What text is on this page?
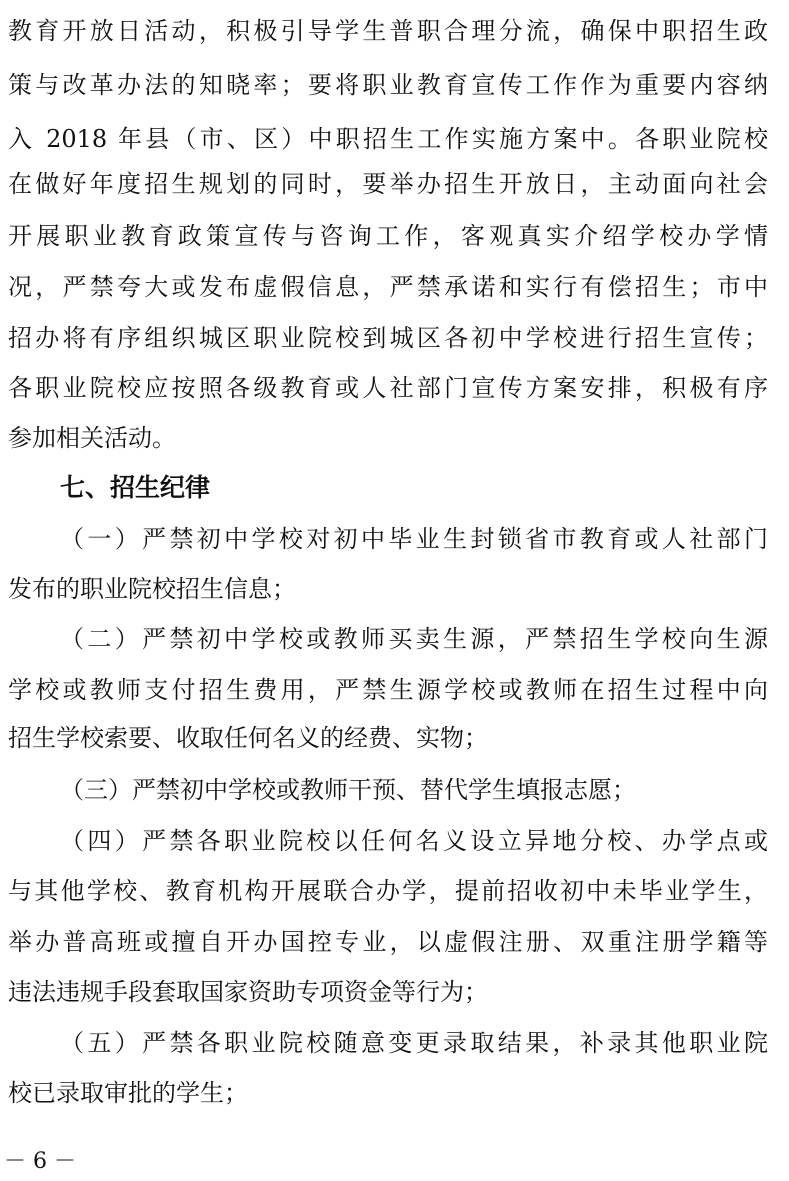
教育开放日活动，积极引导学生普职合理分流，确保中职招生政
策与改革办法的知晓率；要将职业教育宣传工作作为重要内容纳
入 2018 年县（市、区）中职招生工作实施方案中。各职业院校
在做好年度招生规划的同时，要举办招生开放日，主动面向社会
开展职业教育政策宣传与咨询工作，客观真实介绍学校办学情
况，严禁夸大或发布虚假信息，严禁承诺和实行有偿招生；市中
招办将有序组织城区职业院校到城区各初中学校进行招生宣传；
各职业院校应按照各级教育或人社部门宣传方案安排，积极有序
参加相关活动。
七、招生纪律
（一）严禁初中学校对初中毕业生封锁省市教育或人社部门
发布的职业院校招生信息；
（二）严禁初中学校或教师买卖生源，严禁招生学校向生源
学校或教师支付招生费用，严禁生源学校或教师在招生过程中向
招生学校索要、收取任何名义的经费、实物；
（三）严禁初中学校或教师干预、替代学生填报志愿；
（四）严禁各职业院校以任何名义设立异地分校、办学点或
与其他学校、教育机构开展联合办学，提前招收初中未毕业学生，
举办普高班或擅自开办国控专业，以虚假注册、双重注册学籍等
违法违规手段套取国家资助专项资金等行为；
（五）严禁各职业院校随意变更录取结果，补录其他职业院
校已录取审批的学生；
－ 6 －
